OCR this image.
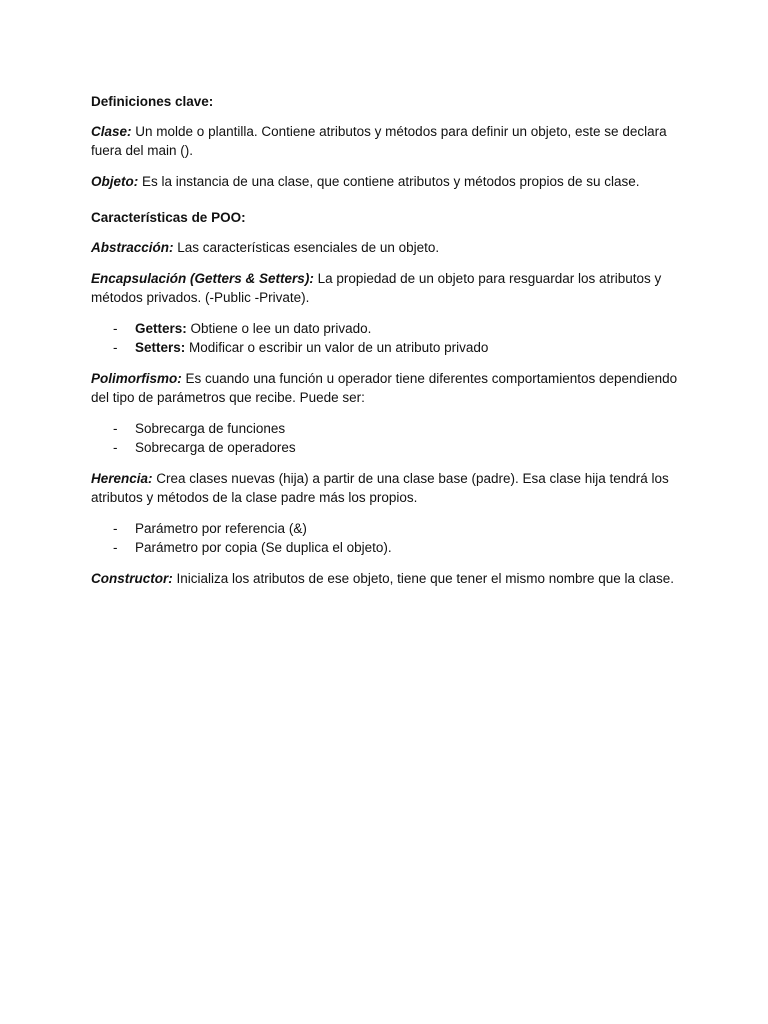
Definiciones clave:

Clase: Un molde o plantilla. Contiene atributos y métodos para definir un objeto, este se declara fuera del main ().

Objeto: Es la instancia de una clase, que contiene atributos y métodos propios de su clase.

Características de POO:

Abstracción: Las características esenciales de un objeto.

Encapsulación (Getters & Setters): La propiedad de un objeto para resguardar los atributos y métodos privados. (-Public -Private).

- Getters: Obtiene o lee un dato privado.
- Setters: Modificar o escribir un valor de un atributo privado

Polimorfismo: Es cuando una función u operador tiene diferentes comportamientos dependiendo del tipo de parámetros que recibe. Puede ser:

- Sobrecarga de funciones
- Sobrecarga de operadores

Herencia: Crea clases nuevas (hija) a partir de una clase base (padre). Esa clase hija tendrá los atributos y métodos de la clase padre más los propios.

- Parámetro por referencia (&)
- Parámetro por copia (Se duplica el objeto).

Constructor: Inicializa los atributos de ese objeto, tiene que tener el mismo nombre que la clase.
